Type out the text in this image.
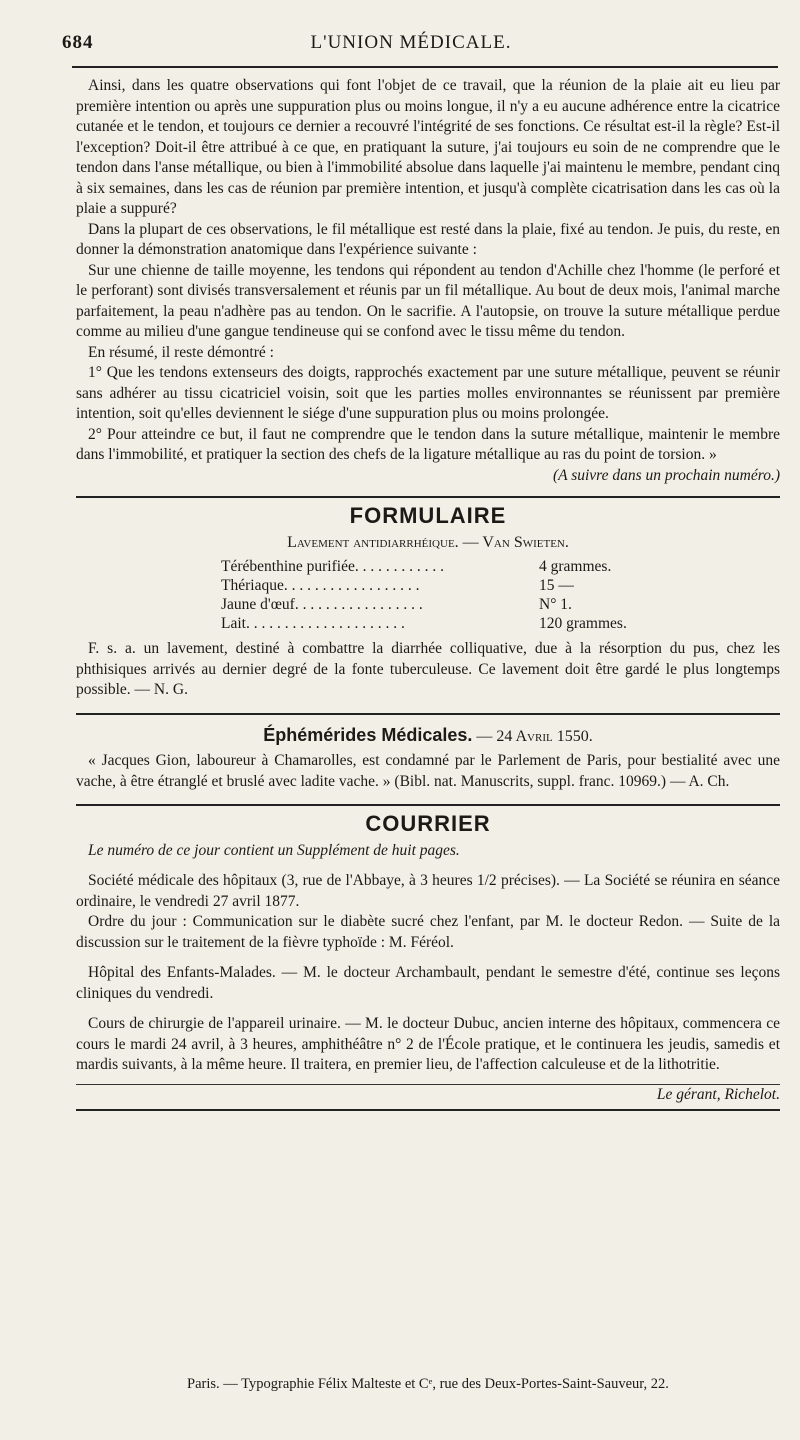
684	L'UNION MÉDICALE.

Ainsi, dans les quatre observations qui font l'objet de ce travail, que la réunion de la plaie ait eu lieu par première intention ou après une suppuration plus ou moins longue, il n'y a eu aucune adhérence entre la cicatrice cutanée et le tendon, et toujours ce dernier a recouvré l'intégrité de ses fonctions. Ce résultat est-il la règle? Est-il l'exception? Doit-il être attribué à ce que, en pratiquant la suture, j'ai toujours eu soin de ne comprendre que le tendon dans l'anse métallique, ou bien à l'immobilité absolue dans laquelle j'ai maintenu le membre, pendant cinq à six semaines, dans les cas de réunion par première intention, et jusqu'à complète cicatrisation dans les cas où la plaie a suppuré?

Dans la plupart de ces observations, le fil métallique est resté dans la plaie, fixé au tendon. Je puis, du reste, en donner la démonstration anatomique dans l'expérience suivante :

Sur une chienne de taille moyenne, les tendons qui répondent au tendon d'Achille chez l'homme (le perforé et le perforant) sont divisés transversalement et réunis par un fil métallique. Au bout de deux mois, l'animal marche parfaitement, la peau n'adhère pas au tendon. On le sacrifie. A l'autopsie, on trouve la suture métallique perdue comme au milieu d'une gangue tendineuse qui se confond avec le tissu même du tendon.

En résumé, il reste démontré :

1° Que les tendons extenseurs des doigts, rapprochés exactement par une suture métallique, peuvent se réunir sans adhérer au tissu cicatriciel voisin, soit que les parties molles environnantes se réunissent par première intention, soit qu'elles deviennent le siége d'une suppuration plus ou moins prolongée.

2° Pour atteindre ce but, il faut ne comprendre que le tendon dans la suture métallique, maintenir le membre dans l'immobilité, et pratiquer la section des chefs de la ligature métallique au ras du point de torsion. »

(A suivre dans un prochain numéro.)
FORMULAIRE
Lavement antidiarrhéique. — Van Swieten.
Térébenthine purifiée. . . . . . . . . . . .	4 grammes.
Thériaque. . . . . . . . . . . . . . . . . .	15 —
Jaune d'œuf. . . . . . . . . . . . . . . . .	N° 1.
Lait. . . . . . . . . . . . . . . . . . . . .	120 grammes.

F. s. a. un lavement, destiné à combattre la diarrhée colliquative, due à la résorption du pus, chez les phthisiques arrivés au dernier degré de la fonte tuberculeuse. Ce lavement doit être gardé le plus longtemps possible. — N. G.

Éphémérides Médicales. — 24 Avril 1550.

« Jacques Gion, laboureur à Chamarolles, est condamné par le Parlement de Paris, pour bestialité avec une vache, à être étranglé et bruslé avec ladite vache. » (Bibl. nat. Manuscrits, suppl. franc. 10969.) — A. Ch.

COURRIER

Le numéro de ce jour contient un Supplément de huit pages.

Société médicale des hôpitaux (3, rue de l'Abbaye, à 3 heures 1/2 précises). — La Société se réunira en séance ordinaire, le vendredi 27 avril 1877.

Ordre du jour : Communication sur le diabète sucré chez l'enfant, par M. le docteur Redon. — Suite de la discussion sur le traitement de la fièvre typhoïde : M. Féréol.

Hôpital des Enfants-Malades. — M. le docteur Archambault, pendant le semestre d'été, continue ses leçons cliniques du vendredi.

Cours de chirurgie de l'appareil urinaire. — M. le docteur Dubuc, ancien interne des hôpitaux, commencera ce cours le mardi 24 avril, à 3 heures, amphithéâtre n° 2 de l'École pratique, et le continuera les jeudis, samedis et mardis suivants, à la même heure. Il traitera, en premier lieu, de l'affection calculeuse et de la lithotritie.

Le gérant, Richelot.
Paris. — Typographie Félix Malteste et Cᵉ, rue des Deux-Portes-Saint-Sauveur, 22.
